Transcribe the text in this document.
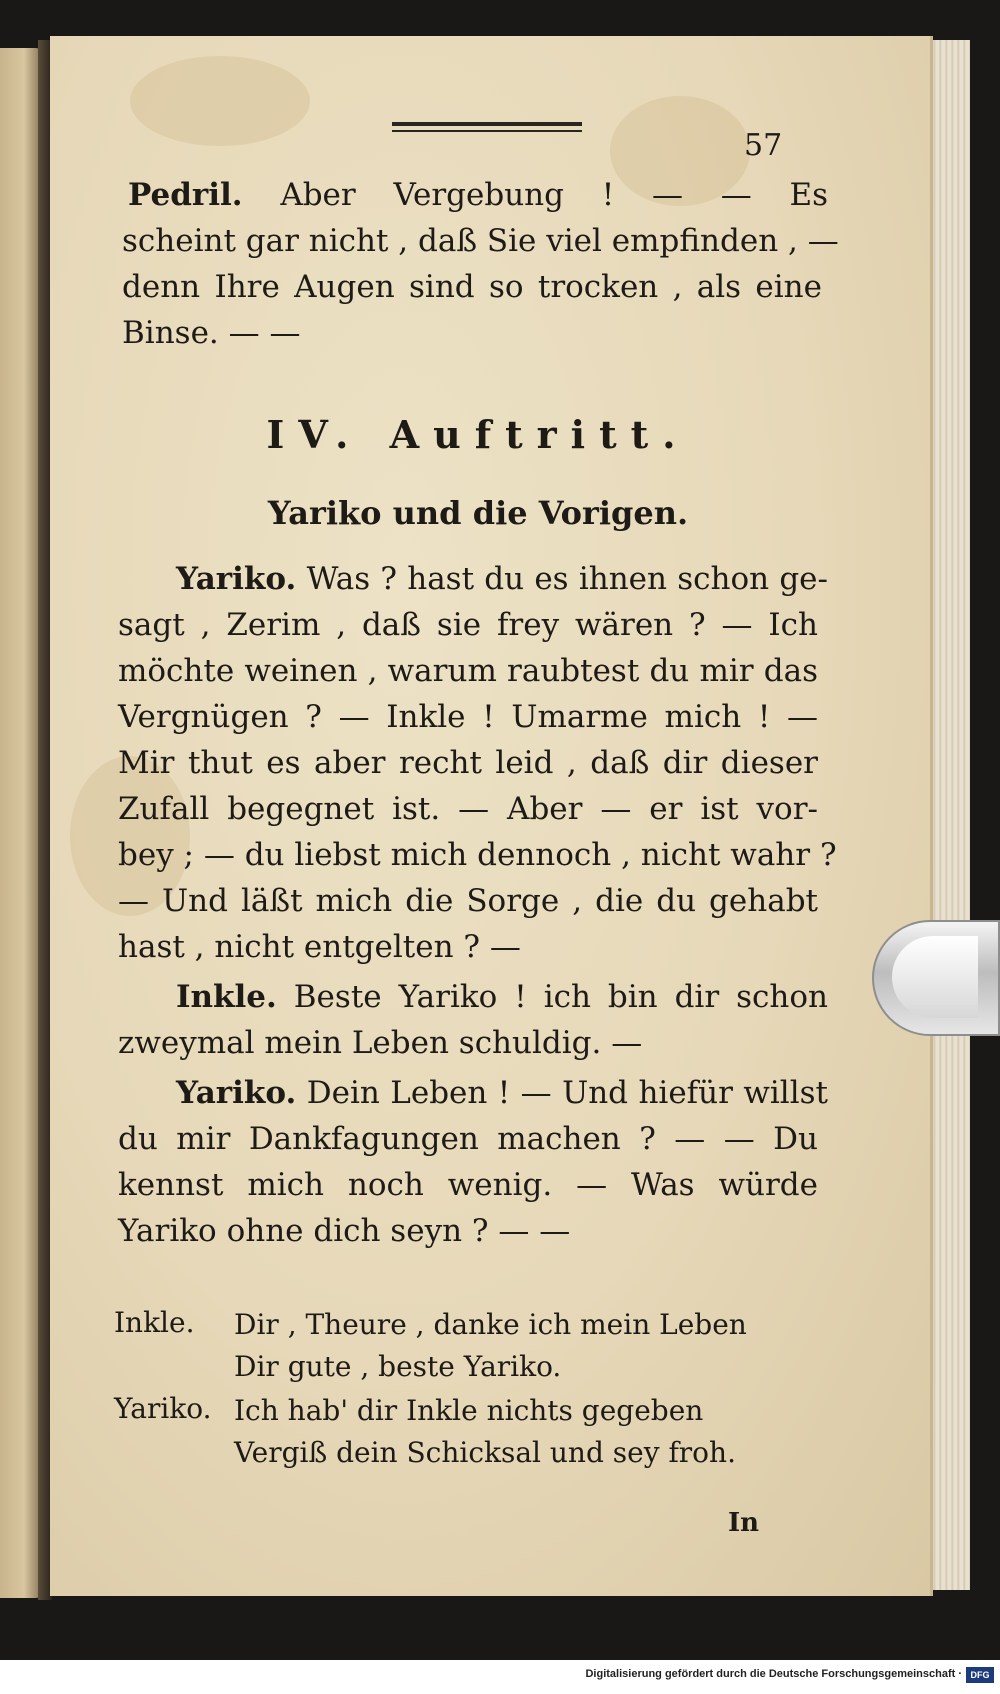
57
Pedril. Aber Vergebung ! — — Es
scheint gar nicht , daß Sie viel empfinden , —
denn Ihre Augen sind so trocken , als eine
Binse. — —
IV. Auftritt.
Yariko und die Vorigen.
Yariko. Was ? hast du es ihnen schon ge-
sagt , Zerim , daß sie frey wären ? — Ich
möchte weinen , warum raubtest du mir das
Vergnügen ? — Inkle ! Umarme mich ! —
Mir thut es aber recht leid , daß dir dieser
Zufall begegnet ist. — Aber — er ist vor-
bey ; — du liebst mich dennoch , nicht wahr ?
— Und läßt mich die Sorge , die du gehabt
hast , nicht entgelten ? —
Inkle. Beste Yariko ! ich bin dir schon
zweymal mein Leben schuldig. —
Yariko. Dein Leben ! — Und hiefür willst
du mir Dankfagungen machen ? — — Du
kennst mich noch wenig. — Was würde
Yariko ohne dich seyn ? — —
Inkle. Dir , Theure , danke ich mein Leben
Dir gute , beste Yariko.
Yariko. Ich hab' dir Inkle nichts gegeben
Vergiß dein Schicksal und sey froh.
In
Digitalisierung gefördert durch die Deutsche Forschungsgemeinschaft · DFG
